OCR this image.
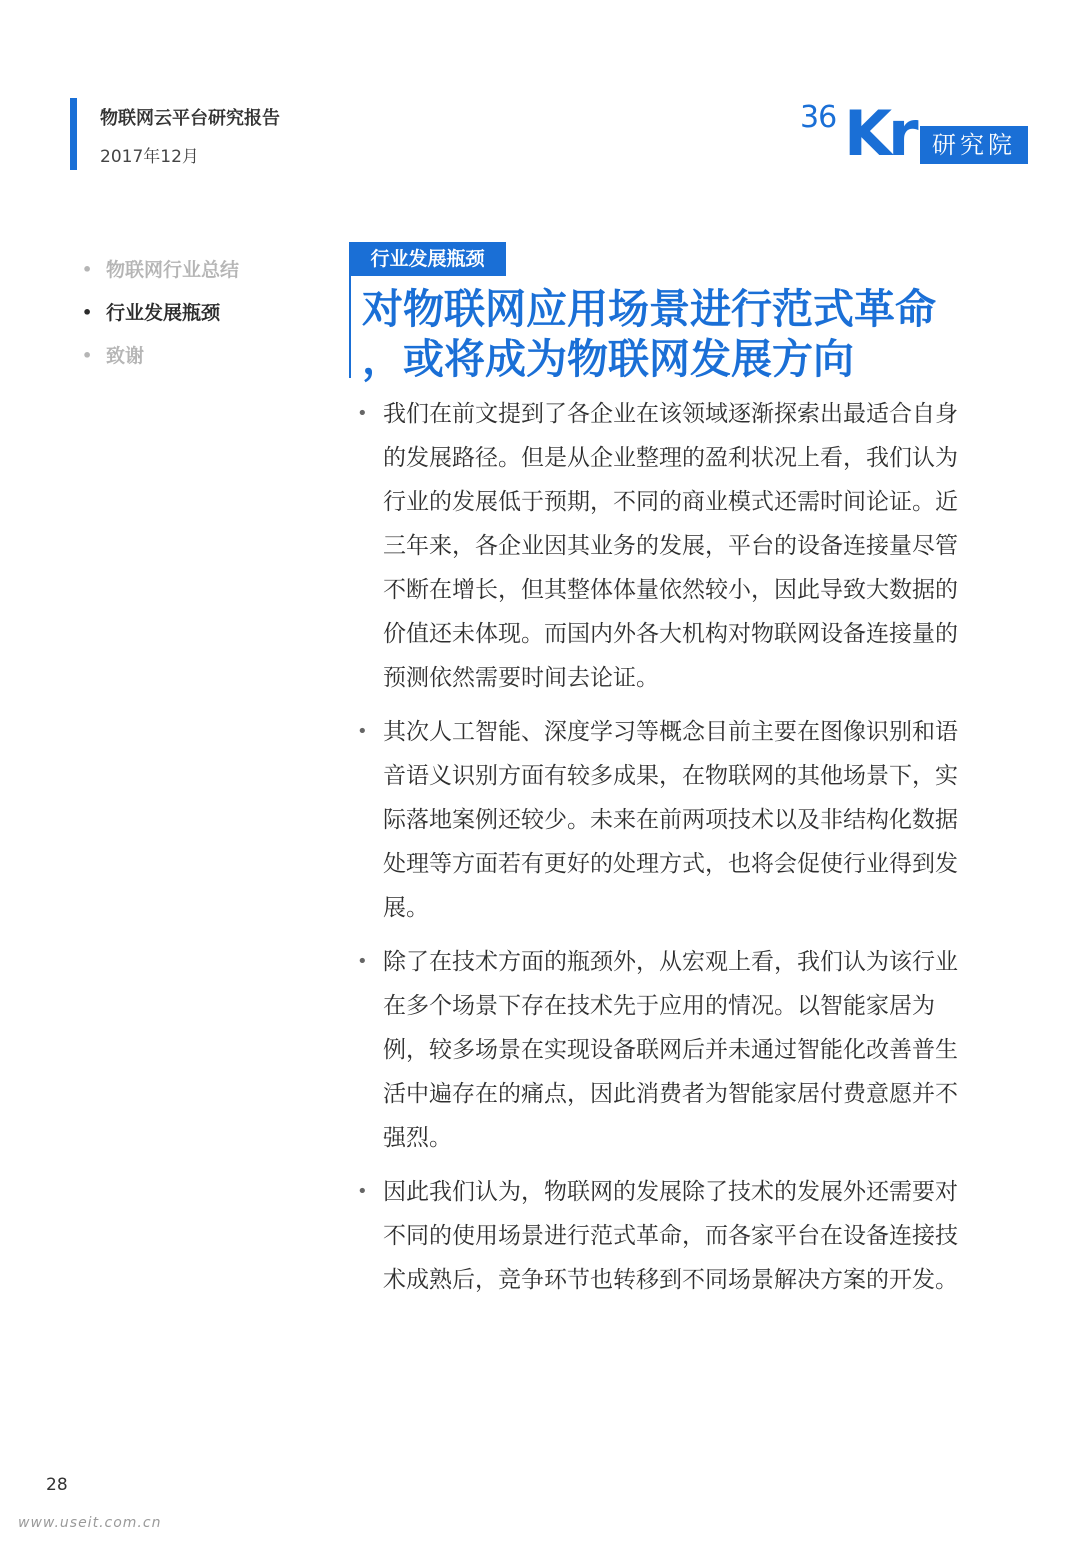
物联网云平台研究报告
2017年12月
36 Kr 研究院
• 物联网行业总结
• 行业发展瓶颈
• 致谢
行业发展瓶颈
对物联网应用场景进行范式革命
，或将成为物联网发展方向
• 我们在前文提到了各企业在该领域逐渐探索出最适合自身的发展路径。但是从企业整理的盈利状况上看，我们认为行业的发展低于预期，不同的商业模式还需时间论证。近三年来，各企业因其业务的发展，平台的设备连接量尽管不断在增长，但其整体体量依然较小，因此导致大数据的价值还未体现。而国内外各大机构对物联网设备连接量的预测依然需要时间去论证。
• 其次人工智能、深度学习等概念目前主要在图像识别和语音语义识别方面有较多成果，在物联网的其他场景下，实际落地案例还较少。未来在前两项技术以及非结构化数据处理等方面若有更好的处理方式，也将会促使行业得到发展。
• 除了在技术方面的瓶颈外，从宏观上看，我们认为该行业在多个场景下存在技术先于应用的情况。以智能家居为例，较多场景在实现设备联网后并未通过智能化改善普生活中遍存在的痛点，因此消费者为智能家居付费意愿并不强烈。
• 因此我们认为，物联网的发展除了技术的发展外还需要对不同的使用场景进行范式革命，而各家平台在设备连接技术成熟后，竞争环节也转移到不同场景解决方案的开发。
28
www.useit.com.cn
